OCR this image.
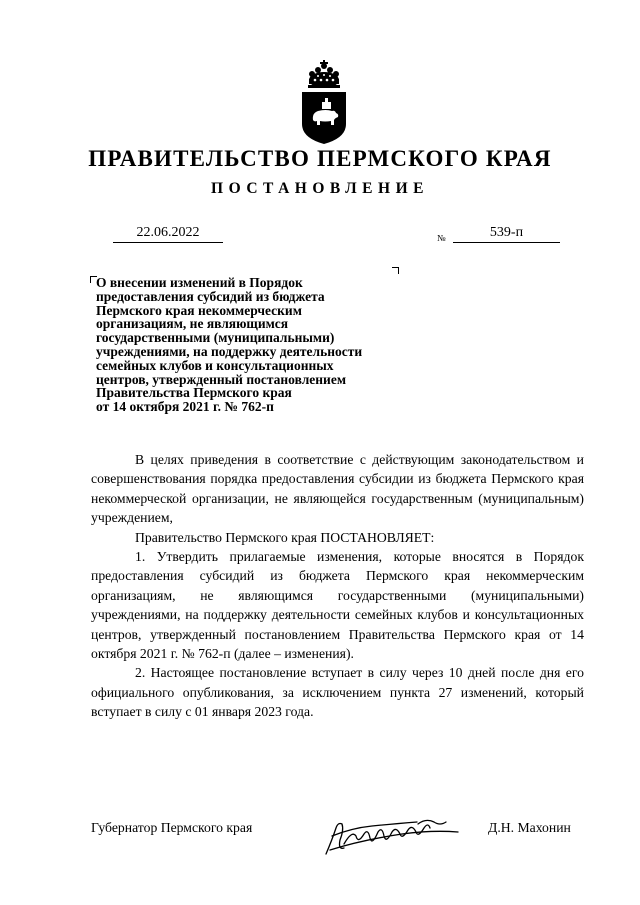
ПРАВИТЕЛЬСТВО ПЕРМСКОГО КРАЯ
ПОСТАНОВЛЕНИЕ
22.06.2022	№	539-п
О внесении изменений в Порядок
предоставления субсидий из бюджета
Пермского края некоммерческим
организациям, не являющимся
государственными (муниципальными)
учреждениями, на поддержку деятельности
семейных клубов и консультационных
центров, утвержденный постановлением
Правительства Пермского края
от 14 октября 2021 г. № 762-п

В целях приведения в соответствие с действующим законодательством и совершенствования порядка предоставления субсидии из бюджета Пермского края некоммерческой организации, не являющейся государственным (муниципальным) учреждением,

Правительство Пермского края ПОСТАНОВЛЯЕТ:

1. Утвердить прилагаемые изменения, которые вносятся в Порядок предоставления субсидий из бюджета Пермского края некоммерческим организациям, не являющимся государственными (муниципальными) учреждениями, на поддержку деятельности семейных клубов и консультационных центров, утвержденный постановлением Правительства Пермского края от 14 октября 2021 г. № 762-п (далее – изменения).

2. Настоящее постановление вступает в силу через 10 дней после дня его официального опубликования, за исключением пункта 27 изменений, который вступает в силу с 01 января 2023 года.

Губернатор Пермского края	Д.Н. Махонин
